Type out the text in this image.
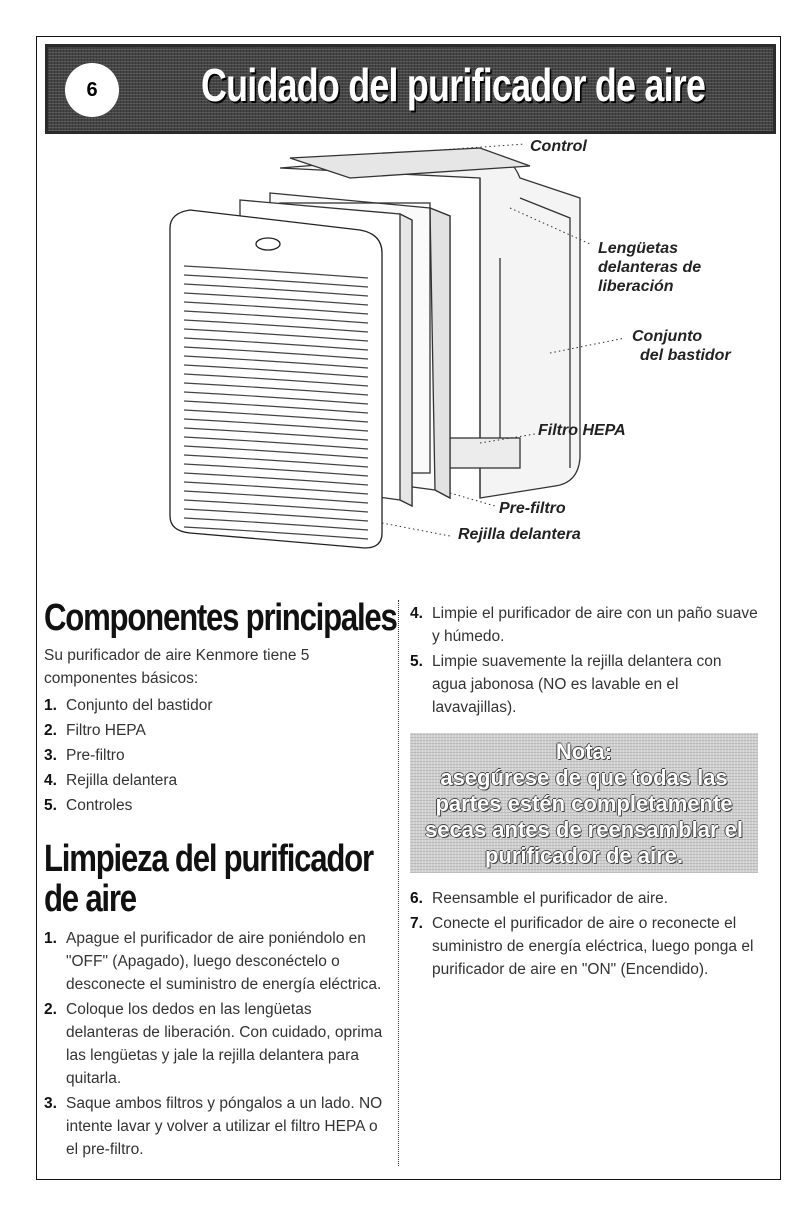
6	Cuidado del purificador de aire
Control
Lengüetas
delanteras de
liberación
Conjunto
del bastidor
Filtro HEPA
Pre-filtro
Rejilla delantera
Componentes principales

Su purificador de aire Kenmore tiene 5 componentes básicos:

1. Conjunto del bastidor
2. Filtro HEPA
3. Pre-filtro
4. Rejilla delantera
5. Controles
Limpieza del purificador
de aire
1. Apague el purificador de aire poniéndolo en "OFF" (Apagado), luego desconéctelo o desconecte el suministro de energía eléctrica.
2. Coloque los dedos en las lengüetas delanteras de liberación. Con cuidado, oprima las lengüetas y jale la rejilla delantera para quitarla.
3. Saque ambos filtros y póngalos a un lado. NO intente lavar y volver a utilizar el filtro HEPA o el pre-filtro.
4. Limpie el purificador de aire con un paño suave y húmedo.
5. Limpie suavemente la rejilla delantera con agua jabonosa (NO es lavable en el lavavajillas).
Nota:
asegúrese de que todas las
partes estén completamente
secas antes de reensamblar el
purificador de aire.
6. Reensamble el purificador de aire.
7. Conecte el purificador de aire o reconecte el suministro de energía eléctrica, luego ponga el purificador de aire en "ON" (Encendido).
